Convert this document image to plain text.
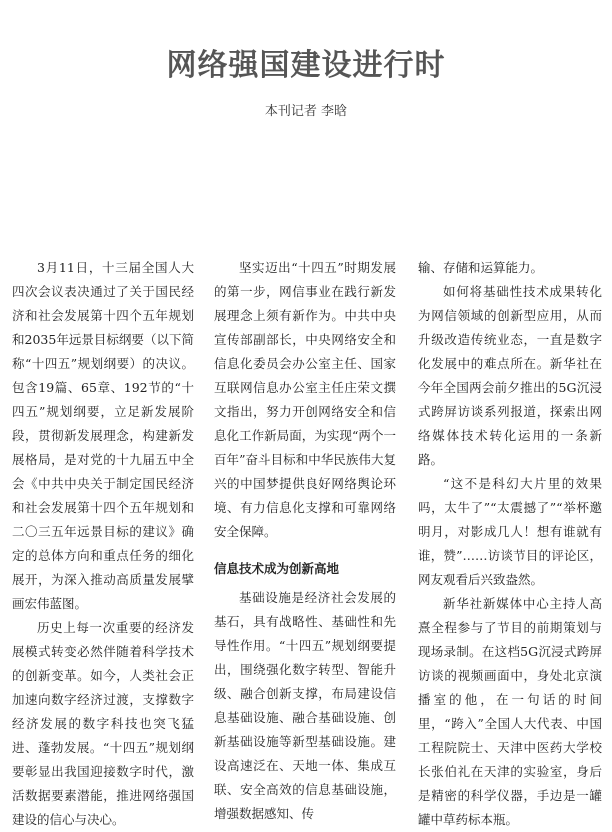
网络强国建设进行时
本刊记者 李晗

3月11日，十三届全国人大四次会议表决通过了关于国民经济和社会发展第十四个五年规划和2035年远景目标纲要（以下简称“十四五”规划纲要）的决议。包含19篇、65章、192节的“十四五”规划纲要，立足新发展阶段，贯彻新发展理念，构建新发展格局，是对党的十九届五中全会《中共中央关于制定国民经济和社会发展第十四个五年规划和二〇三五年远景目标的建议》确定的总体方向和重点任务的细化展开，为深入推动高质量发展擘画宏伟蓝图。

历史上每一次重要的经济发展模式转变必然伴随着科学技术的创新变革。如今，人类社会正加速向数字经济过渡，支撑数字经济发展的数字科技也突飞猛进、蓬勃发展。“十四五”规划纲要彰显出我国迎接数字时代，激活数据要素潜能，推进网络强国建设的信心与决心。

坚实迈出“十四五”时期发展的第一步，网信事业在践行新发展理念上须有新作为。中共中央宣传部副部长，中央网络安全和信息化委员会办公室主任、国家互联网信息办公室主任庄荣文撰文指出，努力开创网络安全和信息化工作新局面，为实现“两个一百年”奋斗目标和中华民族伟大复兴的中国梦提供良好网络舆论环境、有力信息化支撑和可靠网络安全保障。

信息技术成为创新高地

基础设施是经济社会发展的基石，具有战略性、基础性和先导性作用。“十四五”规划纲要提出，围绕强化数字转型、智能升级、融合创新支撑，布局建设信息基础设施、融合基础设施、创新基础设施等新型基础设施。建设高速泛在、天地一体、集成互联、安全高效的信息基础设施，增强数据感知、传

输、存储和运算能力。

如何将基础性技术成果转化为网信领域的创新型应用，从而升级改造传统业态，一直是数字化发展中的难点所在。新华社在今年全国两会前夕推出的5G沉浸式跨屏访谈系列报道，探索出网络媒体技术转化运用的一条新路。

“这不是科幻大片里的效果吗，太牛了”“太震撼了”“举杯邀明月，对影成几人！想有谁就有谁，赞”……访谈节目的评论区，网友观看后兴致盎然。

新华社新媒体中心主持人高熹全程参与了节目的前期策划与现场录制。在这档5G沉浸式跨屏访谈的视频画面中，身处北京演播室的他，在一句话的时间里，“跨入”全国人大代表、中国工程院院士、天津中医药大学校长张伯礼在天津的实验室，身后是精密的科学仪器，手边是一罐罐中草药标本瓶。
